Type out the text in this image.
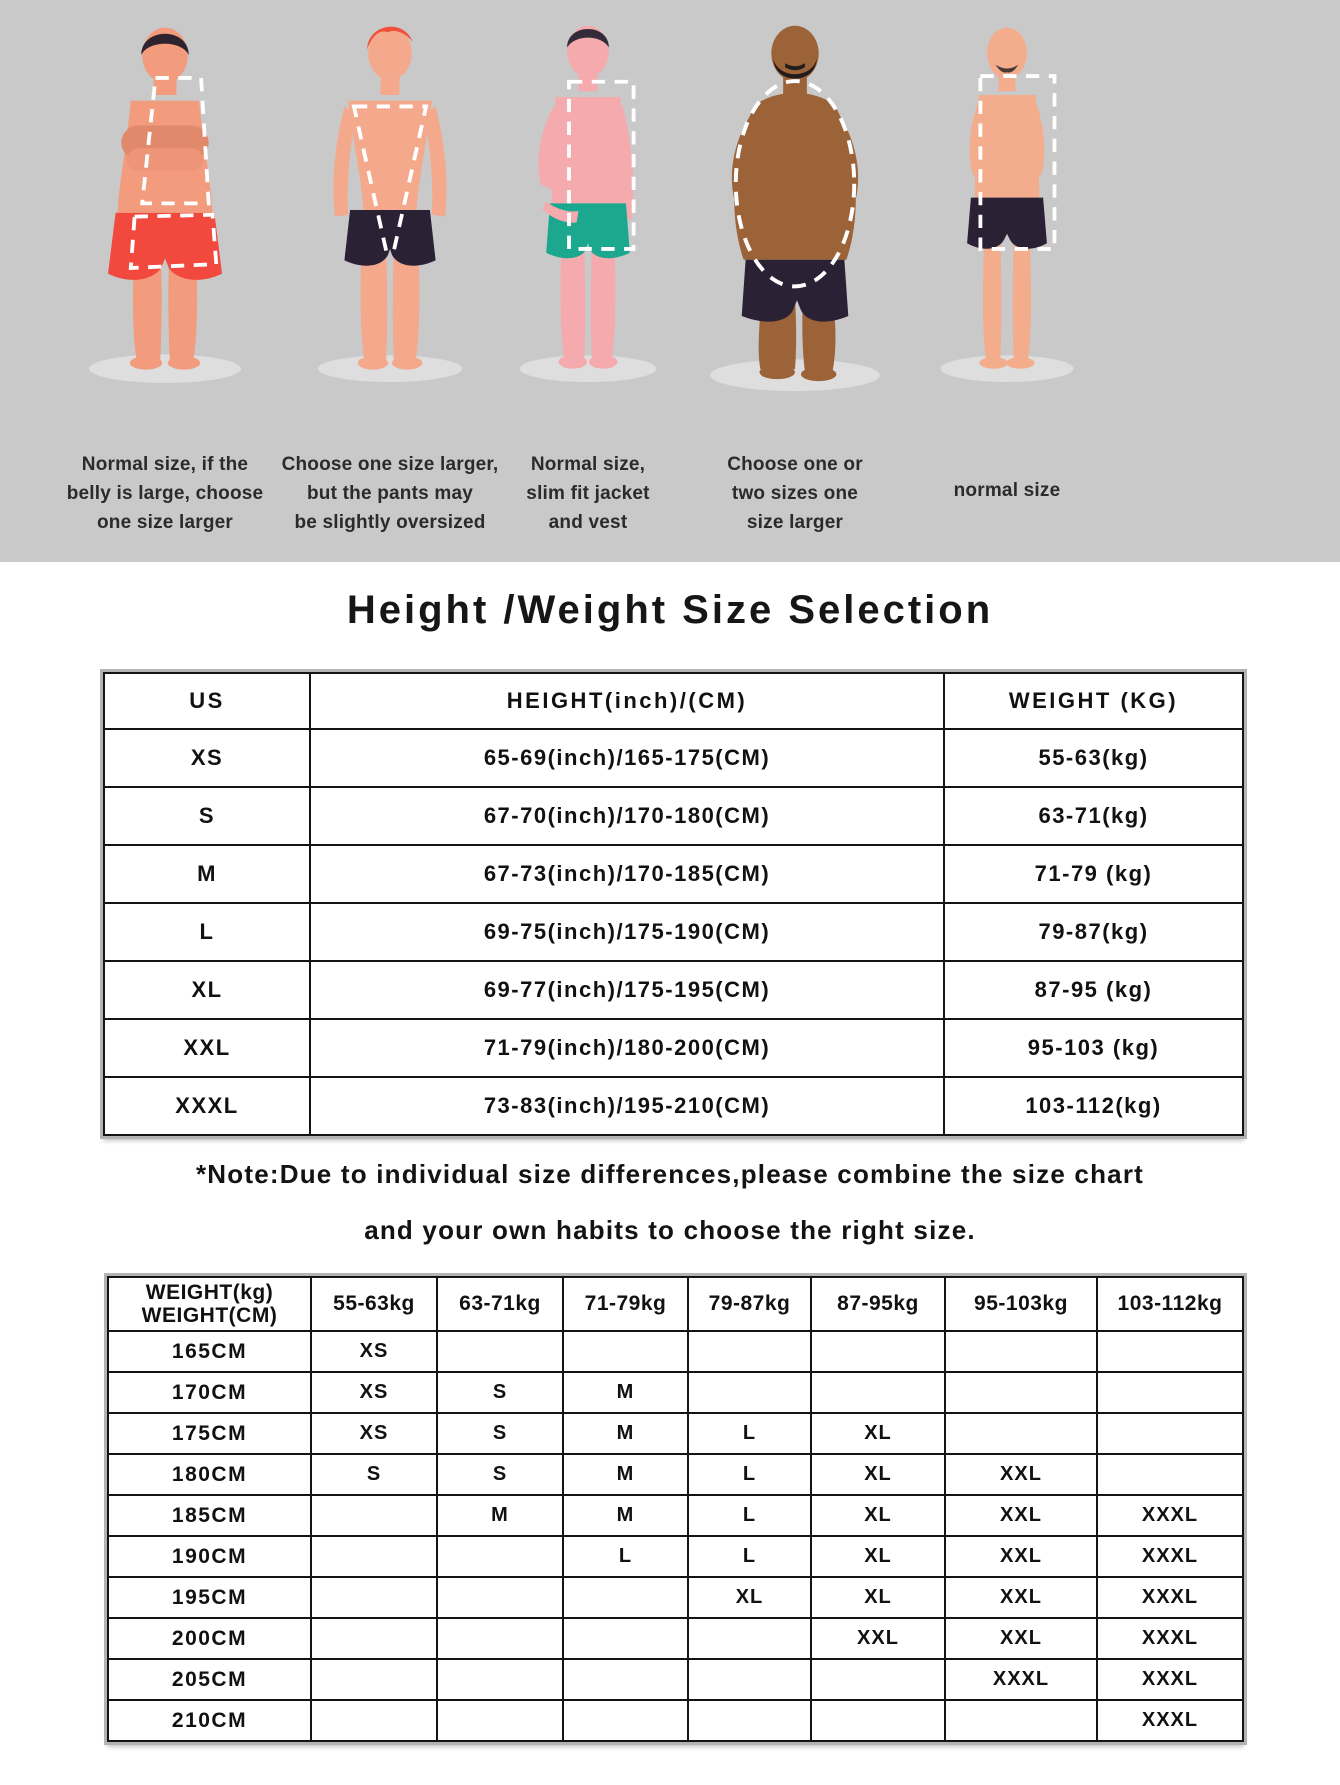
Normal size, if the
belly is large, choose
one size larger
Choose one size larger,
but the pants may
be slightly oversized
Normal size,
slim fit jacket
and vest
Choose one or
two sizes one
size larger
normal size
Height /Weight Size Selection
US	HEIGHT(inch)/(CM)	WEIGHT (KG)
XS	65-69(inch)/165-175(CM)	55-63(kg)
S	67-70(inch)/170-180(CM)	63-71(kg)
M	67-73(inch)/170-185(CM)	71-79 (kg)
L	69-75(inch)/175-190(CM)	79-87(kg)
XL	69-77(inch)/175-195(CM)	87-95 (kg)
XXL	71-79(inch)/180-200(CM)	95-103 (kg)
XXXL	73-83(inch)/195-210(CM)	103-112(kg)
*Note:Due to individual size differences,please combine the size chart
and your own habits to choose the right size.
WEIGHT(kg)
WEIGHT(CM)	55-63kg	63-71kg	71-79kg	79-87kg	87-95kg	95-103kg	103-112kg
165CM	XS						
170CM	XS	S	M				
175CM	XS	S	M	L	XL		
180CM	S	S	M	L	XL	XXL	
185CM		M	M	L	XL	XXL	XXXL
190CM			L	L	XL	XXL	XXXL
195CM				XL	XL	XXL	XXXL
200CM					XXL	XXL	XXXL
205CM						XXXL	XXXL
210CM							XXXL
